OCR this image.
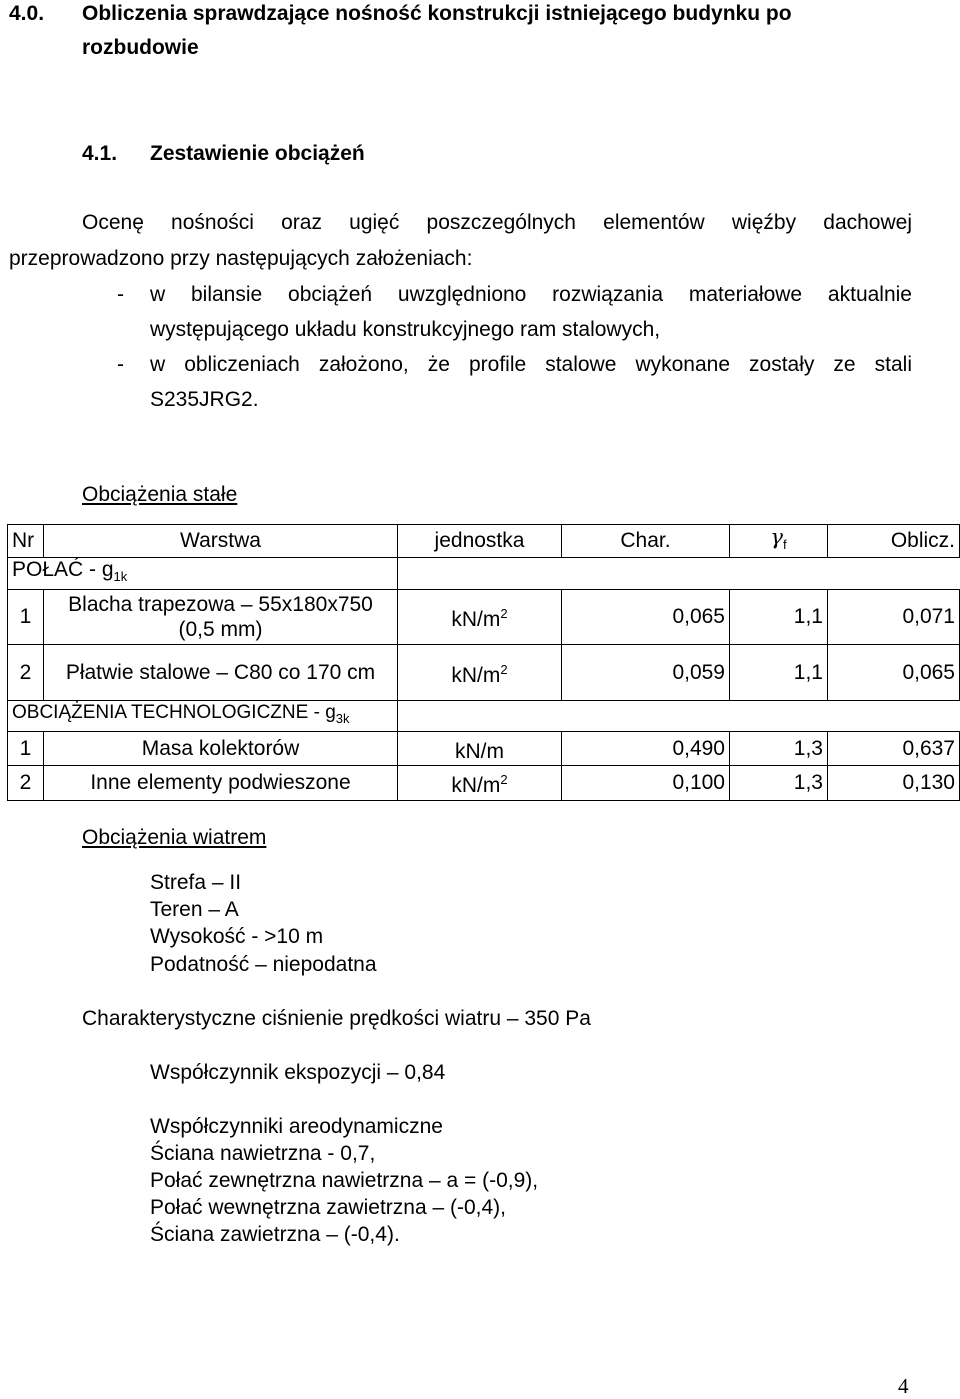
4.0. Obliczenia sprawdzające nośność konstrukcji istniejącego budynku po
rozbudowie
4.1. Zestawienie obciążeń
Ocenę nośności oraz ugięć poszczególnych elementów więźby dachowej
przeprowadzono przy następujących założeniach:
- w bilansie obciążeń uwzględniono rozwiązania materiałowe aktualnie
występującego układu konstrukcyjnego ram stalowych,
- w obliczeniach założono, że profile stalowe wykonane zostały ze stali
S235JRG2.
Obciążenia stałe
Nr	Warstwa	jednostka	Char.	$\gamma_f$	Oblicz.
POŁAĆ - $g_{1k}$	
1	Blacha trapezowa – 55x180x750 (0,5 mm)	$kN/m^2$	0,065	1,1	0,071
2	Płatwie stalowe – C80 co 170 cm	$kN/m^2$	0,059	1,1	0,065
OBCIĄŻENIA TECHNOLOGICZNE - $g_{3k}$	
1	Masa kolektorów	kN/m	0,490	1,3	0,637
2	Inne elementy podwieszone	$kN/m^2$	0,100	1,3	0,130
Obciążenia wiatrem
Strefa – II
Teren – A
Wysokość - >10 m
Podatność – niepodatna
Charakterystyczne ciśnienie prędkości wiatru – 350 Pa
Współczynnik ekspozycji – 0,84
Współczynniki areodynamiczne
Ściana nawietrzna - 0,7,
Połać zewnętrzna nawietrzna – a = (-0,9),
Połać wewnętrzna zawietrzna – (-0,4),
Ściana zawietrzna – (-0,4).
4
